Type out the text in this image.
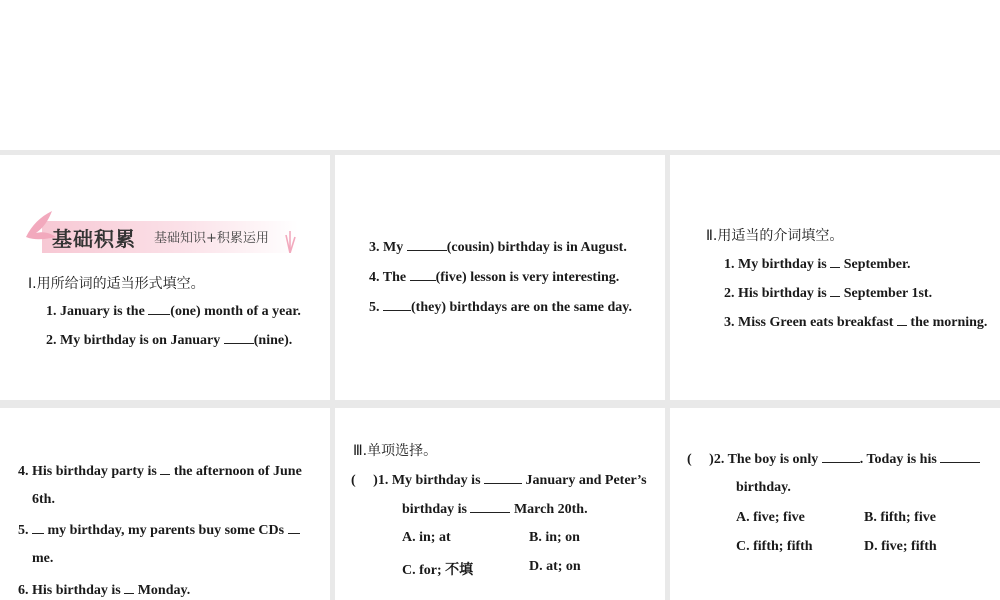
基础积累 基础知识+积累运用
Ⅰ.用所给词的适当形式填空。
1. January is the (one) month of a year.
2. My birthday is on January (nine).
3. My	(cousin) birthday is in August.
4. The (five) lesson is very interesting.
5. (they) birthdays are on the same day.
Ⅱ.用适当的介词填空。
1. My birthday is September.
2. His birthday is September 1st.
3. Miss Green eats breakfast the morning.
4. His birthday party is the afternoon of June
6th.
5. my birthday, my parents buy some CDs
me.
6. His birthday is Monday.
Ⅲ.单项选择。
( )1. My birthday is	January and Peter’s
birthday is	March 20th.
A. in; at	B. in; on
C. for; 不填	D. at; on
( )2. The boy is only	. Today is his
birthday.
A. five; five	B. fifth; five
C. fifth; fifth	D. five; fifth
